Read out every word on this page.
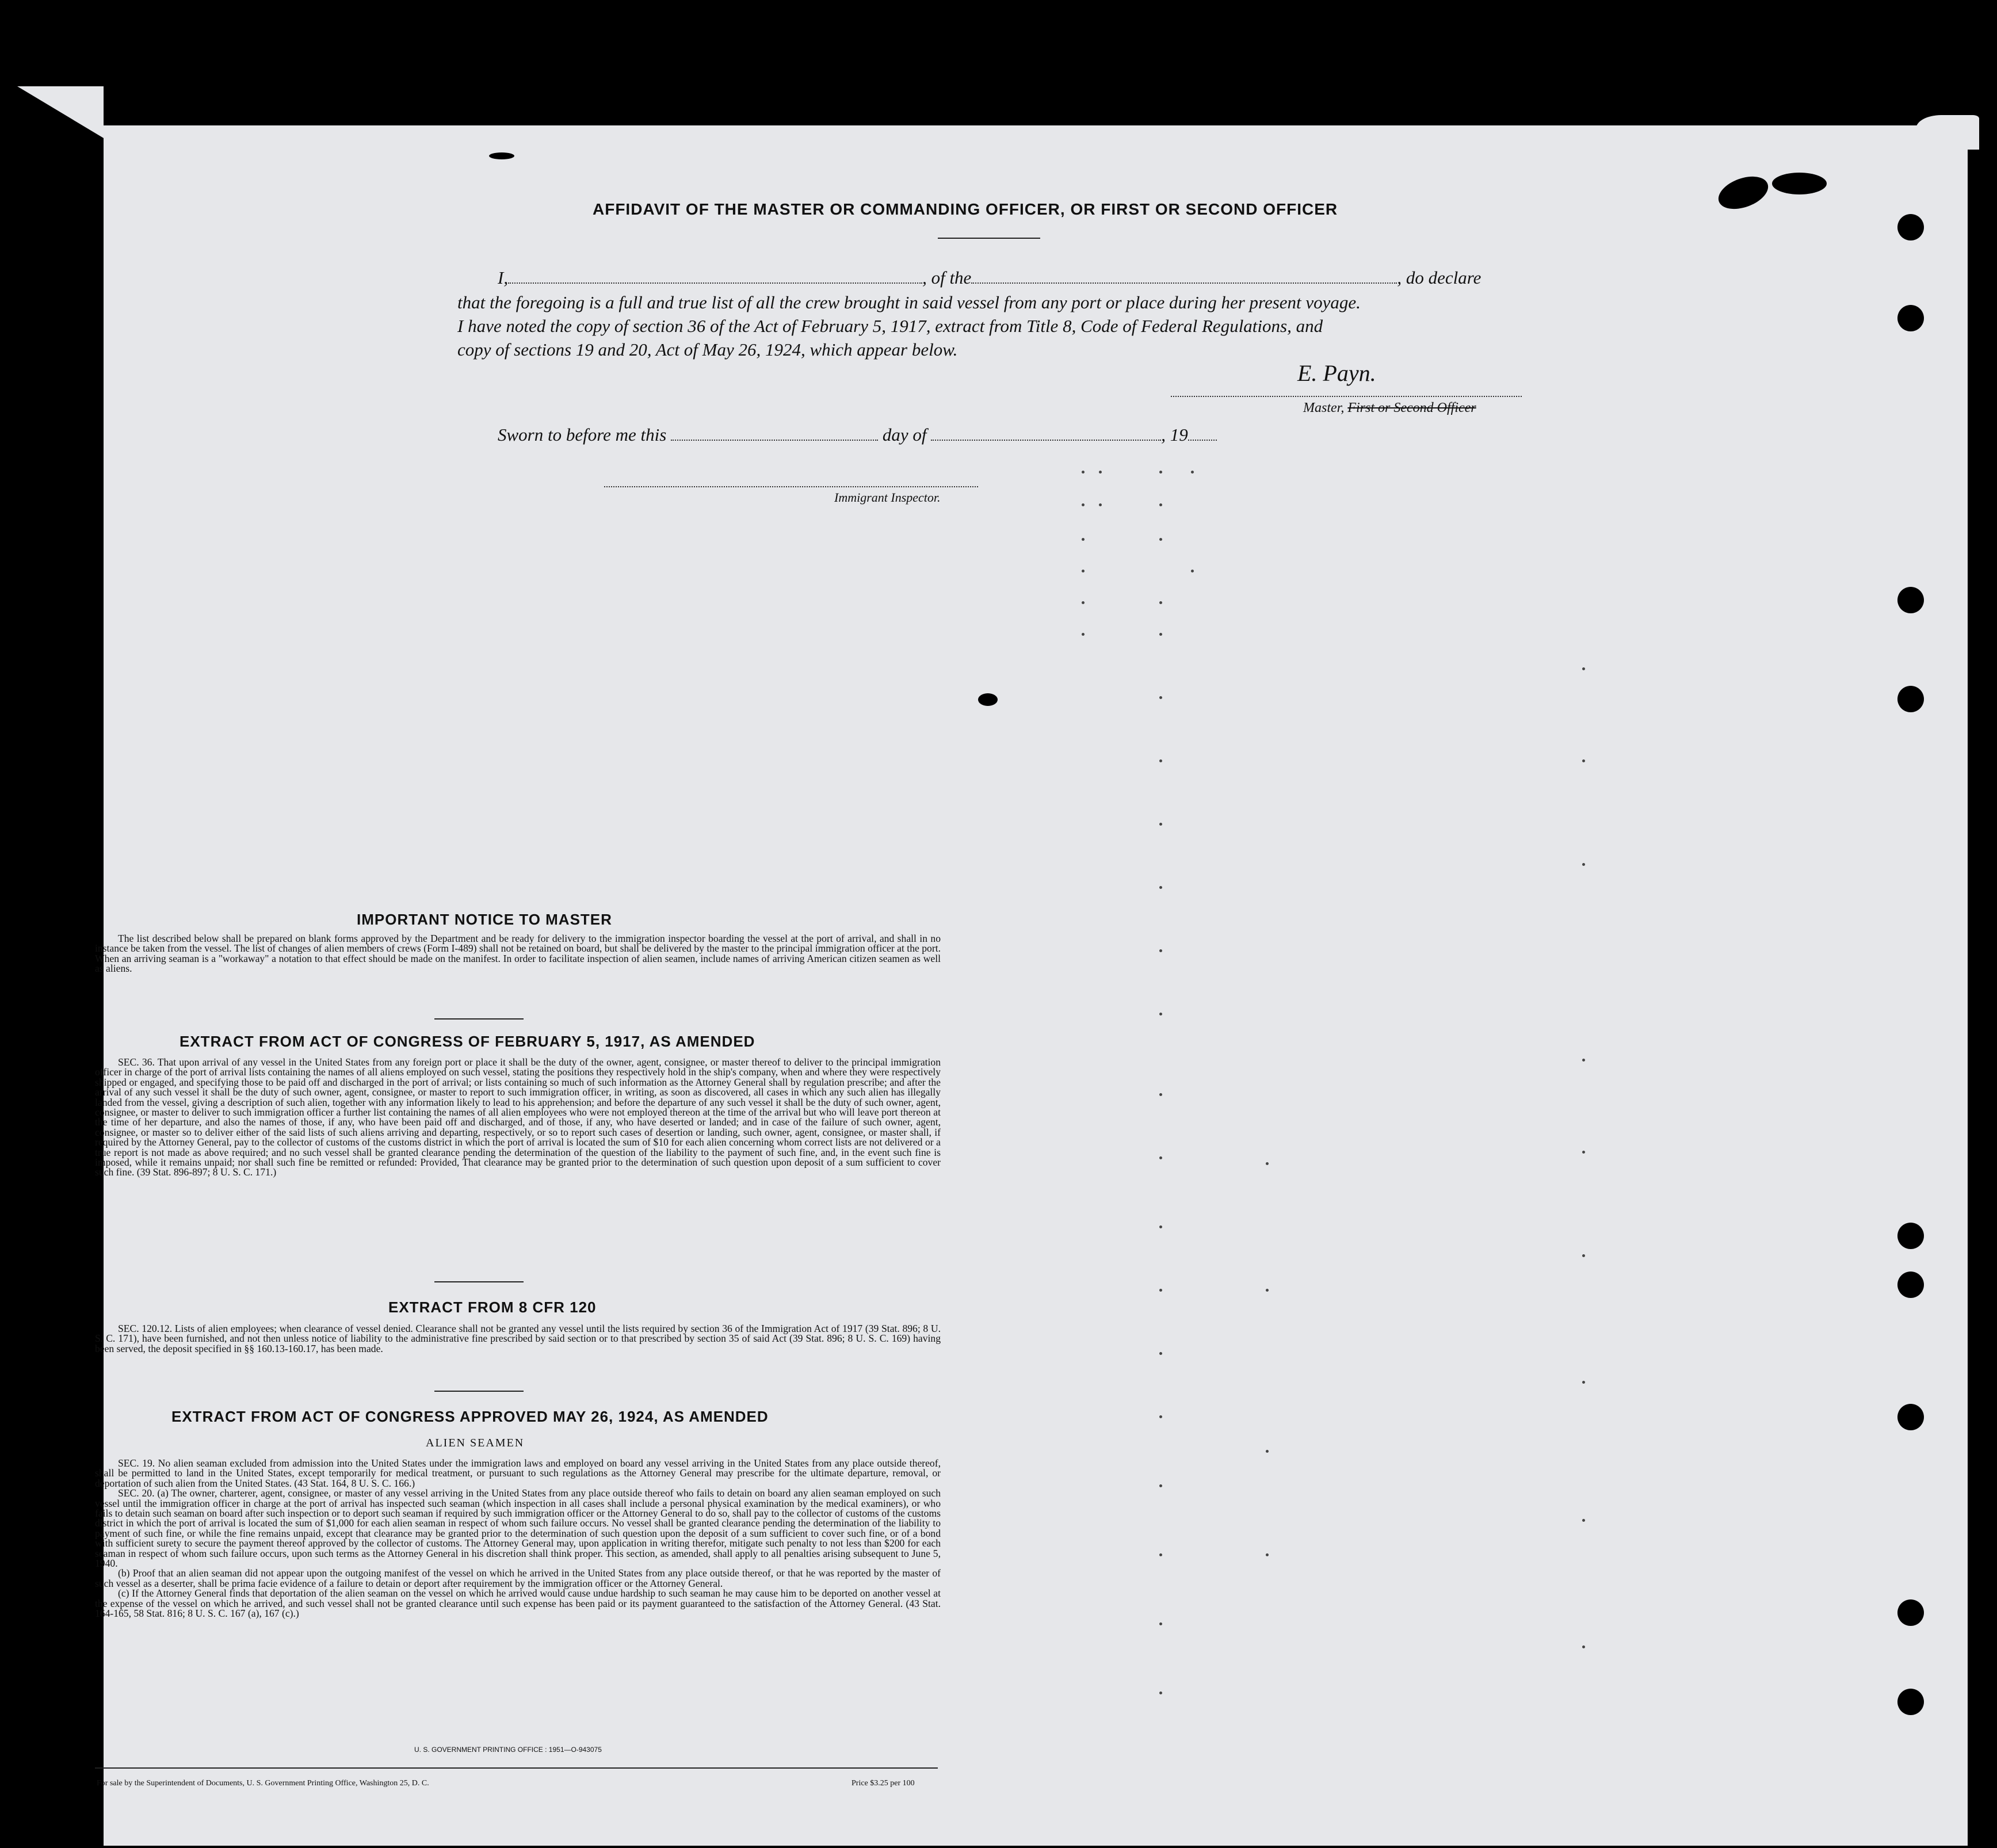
AFFIDAVIT OF THE MASTER OR COMMANDING OFFICER, OR FIRST OR SECOND OFFICER
I,	, of the	, do declare
that the foregoing is a full and true list of all the crew brought in said vessel from any port or place during her present voyage.
I have noted the copy of section 36 of the Act of February 5, 1917, extract from Title 8, Code of Federal Regulations, and
copy of sections 19 and 20, Act of May 26, 1924, which appear below.
E. Payn.
Master, First or Second Officer
Sworn to before me this	day of	, 19
Immigrant Inspector.
IMPORTANT NOTICE TO MASTER

The list described below shall be prepared on blank forms approved by the Department and be ready for delivery to the immigration inspector boarding the vessel at the port of arrival, and shall in no instance be taken from the vessel. The list of changes of alien members of crews (Form I-489) shall not be retained on board, but shall be delivered by the master to the principal immigration officer at the port. When an arriving seaman is a "workaway" a notation to that effect should be made on the manifest. In order to facilitate inspection of alien seamen, include names of arriving American citizen seamen as well as aliens.

EXTRACT FROM ACT OF CONGRESS OF FEBRUARY 5, 1917, AS AMENDED

SEC. 36. That upon arrival of any vessel in the United States from any foreign port or place it shall be the duty of the owner, agent, consignee, or master thereof to deliver to the principal immigration officer in charge of the port of arrival lists containing the names of all aliens employed on such vessel, stating the positions they respectively hold in the ship's company, when and where they were respectively shipped or engaged, and specifying those to be paid off and discharged in the port of arrival; or lists containing so much of such information as the Attorney General shall by regulation prescribe; and after the arrival of any such vessel it shall be the duty of such owner, agent, consignee, or master to report to such immigration officer, in writing, as soon as discovered, all cases in which any such alien has illegally landed from the vessel, giving a description of such alien, together with any information likely to lead to his apprehension; and before the departure of any such vessel it shall be the duty of such owner, agent, consignee, or master to deliver to such immigration officer a further list containing the names of all alien employees who were not employed thereon at the time of the arrival but who will leave port thereon at the time of her departure, and also the names of those, if any, who have been paid off and discharged, and of those, if any, who have deserted or landed; and in case of the failure of such owner, agent, consignee, or master so to deliver either of the said lists of such aliens arriving and departing, respectively, or so to report such cases of desertion or landing, such owner, agent, consignee, or master shall, if required by the Attorney General, pay to the collector of customs of the customs district in which the port of arrival is located the sum of $10 for each alien concerning whom correct lists are not delivered or a true report is not made as above required; and no such vessel shall be granted clearance pending the determination of the question of the liability to the payment of such fine, and, in the event such fine is imposed, while it remains unpaid; nor shall such fine be remitted or refunded: Provided, That clearance may be granted prior to the determination of such question upon deposit of a sum sufficient to cover such fine. (39 Stat. 896-897; 8 U. S. C. 171.)

EXTRACT FROM 8 CFR 120

SEC. 120.12. Lists of alien employees; when clearance of vessel denied. Clearance shall not be granted any vessel until the lists required by section 36 of the Immigration Act of 1917 (39 Stat. 896; 8 U. S. C. 171), have been furnished, and not then unless notice of liability to the administrative fine prescribed by said section or to that prescribed by section 35 of said Act (39 Stat. 896; 8 U. S. C. 169) having been served, the deposit specified in §§ 160.13-160.17, has been made.

EXTRACT FROM ACT OF CONGRESS APPROVED MAY 26, 1924, AS AMENDED
ALIEN SEAMEN

SEC. 19. No alien seaman excluded from admission into the United States under the immigration laws and employed on board any vessel arriving in the United States from any place outside thereof, shall be permitted to land in the United States, except temporarily for medical treatment, or pursuant to such regulations as the Attorney General may prescribe for the ultimate departure, removal, or deportation of such alien from the United States. (43 Stat. 164, 8 U. S. C. 166.)

SEC. 20. (a) The owner, charterer, agent, consignee, or master of any vessel arriving in the United States from any place outside thereof who fails to detain on board any alien seaman employed on such vessel until the immigration officer in charge at the port of arrival has inspected such seaman (which inspection in all cases shall include a personal physical examination by the medical examiners), or who fails to detain such seaman on board after such inspection or to deport such seaman if required by such immigration officer or the Attorney General to do so, shall pay to the collector of customs of the customs district in which the port of arrival is located the sum of $1,000 for each alien seaman in respect of whom such failure occurs. No vessel shall be granted clearance pending the determination of the liability to payment of such fine, or while the fine remains unpaid, except that clearance may be granted prior to the determination of such question upon the deposit of a sum sufficient to cover such fine, or of a bond with sufficient surety to secure the payment thereof approved by the collector of customs. The Attorney General may, upon application in writing therefor, mitigate such penalty to not less than $200 for each seaman in respect of whom such failure occurs, upon such terms as the Attorney General in his discretion shall think proper. This section, as amended, shall apply to all penalties arising subsequent to June 5, 1940.

(b) Proof that an alien seaman did not appear upon the outgoing manifest of the vessel on which he arrived in the United States from any place outside thereof, or that he was reported by the master of such vessel as a deserter, shall be prima facie evidence of a failure to detain or deport after requirement by the immigration officer or the Attorney General.

(c) If the Attorney General finds that deportation of the alien seaman on the vessel on which he arrived would cause undue hardship to such seaman he may cause him to be deported on another vessel at the expense of the vessel on which he arrived, and such vessel shall not be granted clearance until such expense has been paid or its payment guaranteed to the satisfaction of the Attorney General. (43 Stat. 164-165, 58 Stat. 816; 8 U. S. C. 167 (a), 167 (c).)

U. S. GOVERNMENT PRINTING OFFICE : 1951—O-943075
For sale by the Superintendent of Documents, U. S. Government Printing Office, Washington 25, D. C.	Price $3.25 per 100
